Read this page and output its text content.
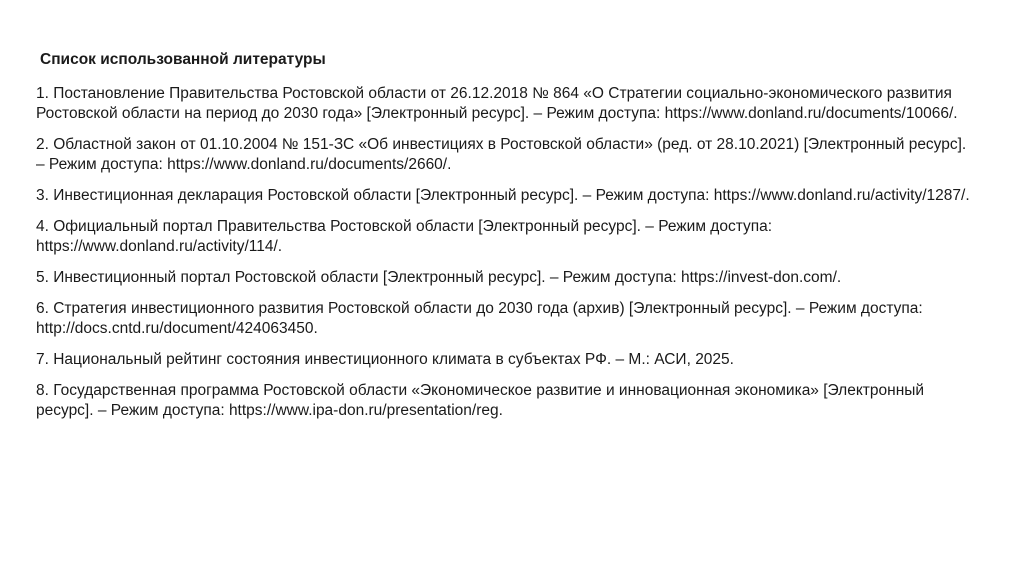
Список использованной литературы
1. Постановление Правительства Ростовской области от 26.12.2018 № 864 «О Стратегии социально-экономического развития Ростовской области на период до 2030 года» [Электронный ресурс]. – Режим доступа: https://www.donland.ru/documents/10066/.
2. Областной закон от 01.10.2004 № 151-ЗС «Об инвестициях в Ростовской области» (ред. от 28.10.2021) [Электронный ресурс]. – Режим доступа: https://www.donland.ru/documents/2660/.
3. Инвестиционная декларация Ростовской области [Электронный ресурс]. – Режим доступа: https://www.donland.ru/activity/1287/.
4. Официальный портал Правительства Ростовской области [Электронный ресурс]. – Режим доступа: https://www.donland.ru/activity/114/.
5. Инвестиционный портал Ростовской области [Электронный ресурс]. – Режим доступа: https://invest-don.com/.
6. Стратегия инвестиционного развития Ростовской области до 2030 года (архив) [Электронный ресурс]. – Режим доступа: http://docs.cntd.ru/document/424063450.
7. Национальный рейтинг состояния инвестиционного климата в субъектах РФ. – М.: АСИ, 2025.
8. Государственная программа Ростовской области «Экономическое развитие и инновационная экономика» [Электронный ресурс]. – Режим доступа: https://www.ipa-don.ru/presentation/reg.
